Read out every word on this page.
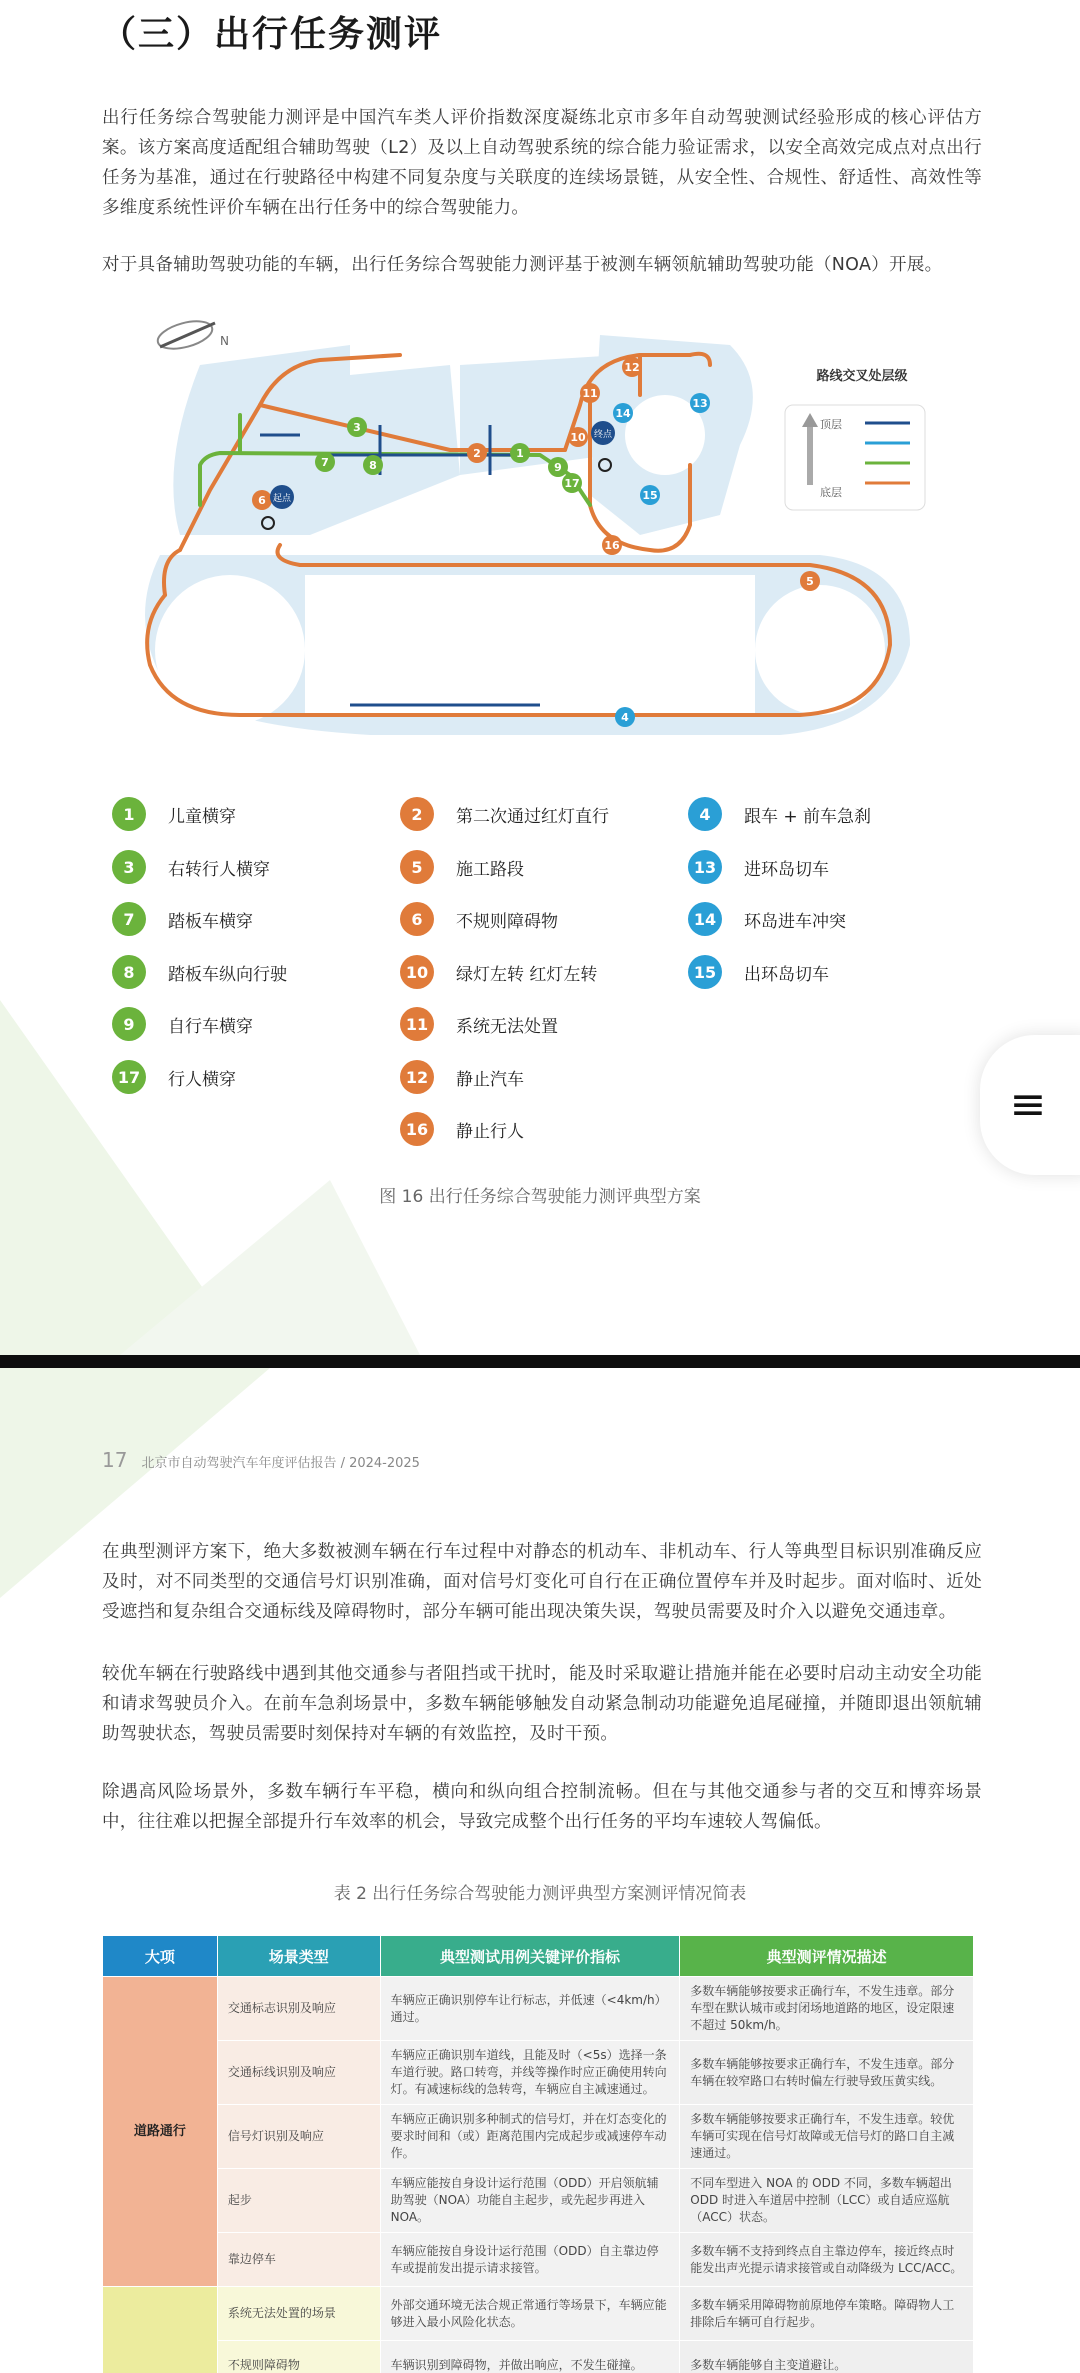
（三）出行任务测评

出行任务综合驾驶能力测评是中国汽车类人评价指数深度凝练北京市多年自动驾驶测试经验形成的核心评估方案。该方案高度适配组合辅助驾驶（L2）及以上自动驾驶系统的综合能力验证需求，以安全高效完成点对点出行任务为基准，通过在行驶路径中构建不同复杂度与关联度的连续场景链，从安全性、合规性、舒适性、高效性等多维度系统性评价车辆在出行任务中的综合驾驶能力。

对于具备辅助驾驶功能的车辆，出行任务综合驾驶能力测评基于被测车辆领航辅助驾驶功能（NOA）开展。

N
1
2
3
4
5
6
7	8	9
10
11
12
13
14
15
16
17
起点
终点
路线交叉处层级
顶层
底层
1	儿童横穿
3	右转行人横穿
7	踏板车横穿
8	踏板车纵向行驶
9	自行车横穿
17	行人横穿
2	第二次通过红灯直行
5	施工路段
6	不规则障碍物
10	绿灯左转 红灯左转
11	系统无法处置
12	静止汽车
16	静止行人
4	跟车 + 前车急刹
13	进环岛切车
14	环岛进车冲突
15	出环岛切车
图 16 出行任务综合驾驶能力测评典型方案
≡
17 北京市自动驾驶汽车年度评估报告 / 2024-2025

在典型测评方案下，绝大多数被测车辆在行车过程中对静态的机动车、非机动车、行人等典型目标识别准确反应及时，对不同类型的交通信号灯识别准确，面对信号灯变化可自行在正确位置停车并及时起步。面对临时、近处受遮挡和复杂组合交通标线及障碍物时，部分车辆可能出现决策失误，驾驶员需要及时介入以避免交通违章。

较优车辆在行驶路线中遇到其他交通参与者阻挡或干扰时，能及时采取避让措施并能在必要时启动主动安全功能和请求驾驶员介入。在前车急刹场景中，多数车辆能够触发自动紧急制动功能避免追尾碰撞，并随即退出领航辅助驾驶状态，驾驶员需要时刻保持对车辆的有效监控，及时干预。

除遇高风险场景外，多数车辆行车平稳，横向和纵向组合控制流畅。但在与其他交通参与者的交互和博弈场景中，往往难以把握全部提升行车效率的机会，导致完成整个出行任务的平均车速较人驾偏低。

表 2 出行任务综合驾驶能力测评典型方案测评情况简表
大项	场景类型	典型测试用例关键评价指标	典型测评情况描述
道路通行	交通标志识别及响应	车辆应正确识别停车让行标志，并低速（<4km/h）通过。	多数车辆能够按要求正确行车，不发生违章。部分车型在默认城市或封闭场地道路的地区，设定限速不超过 50km/h。
	交通标线识别及响应	车辆应正确识别车道线，且能及时（<5s）选择一条车道行驶。路口转弯，并线等操作时应正确使用转向灯。有减速标线的急转弯，车辆应自主减速通过。	多数车辆能够按要求正确行车，不发生违章。部分车辆在较窄路口右转时偏左行驶导致压黄实线。
	信号灯识别及响应	车辆应正确识别多种制式的信号灯，并在灯态变化的要求时间和（或）距离范围内完成起步或减速停车动作。	多数车辆能够按要求正确行车，不发生违章。较优车辆可实现在信号灯故障或无信号灯的路口自主减速通过。
	起步	车辆应能按自身设计运行范围（ODD）开启领航辅助驾驶（NOA）功能自主起步，或先起步再进入 NOA。	不同车型进入 NOA 的 ODD 不同，多数车辆超出 ODD 时进入车道居中控制（LCC）或自适应巡航（ACC）状态。
	靠边停车	车辆应能按自身设计运行范围（ODD）自主靠边停车或提前发出提示请求接管。	多数车辆不支持到终点自主靠边停车，接近终点时能发出声光提示请求接管或自动降级为 LCC/ACC。
	系统无法处置的场景	外部交通环境无法合规正常通行等场景下，车辆应能够进入最小风险化状态。	多数车辆采用障碍物前原地停车策略。障碍物人工排除后车辆可自行起步。
	不规则障碍物	车辆识别到障碍物，并做出响应，不发生碰撞。	多数车辆能够自主变道避让。
